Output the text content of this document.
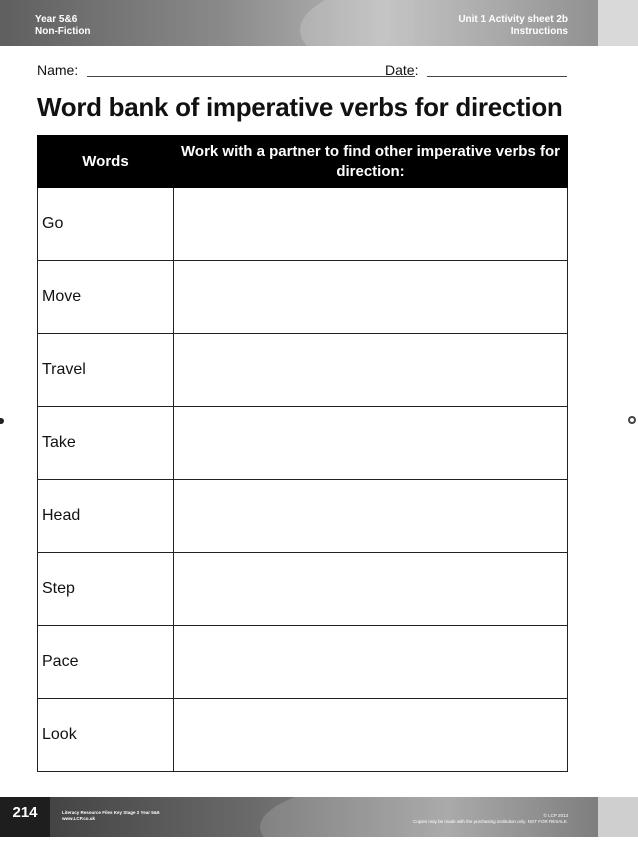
Year 5&6
Non-Fiction
Unit 1 Activity sheet 2b
Instructions
Name:	Date:
Word bank of imperative verbs for direction
Words	Work with a partner to find other imperative verbs for direction:
Go	
Move	
Travel	
Take	
Head	
Step	
Pace	
Look	
214	Literacy Resource Files Key Stage 2 Year 5&6
www.LCP.co.uk
© LCP 2013
Copies may be made with the purchasing institution only. NOT FOR RESALE.
